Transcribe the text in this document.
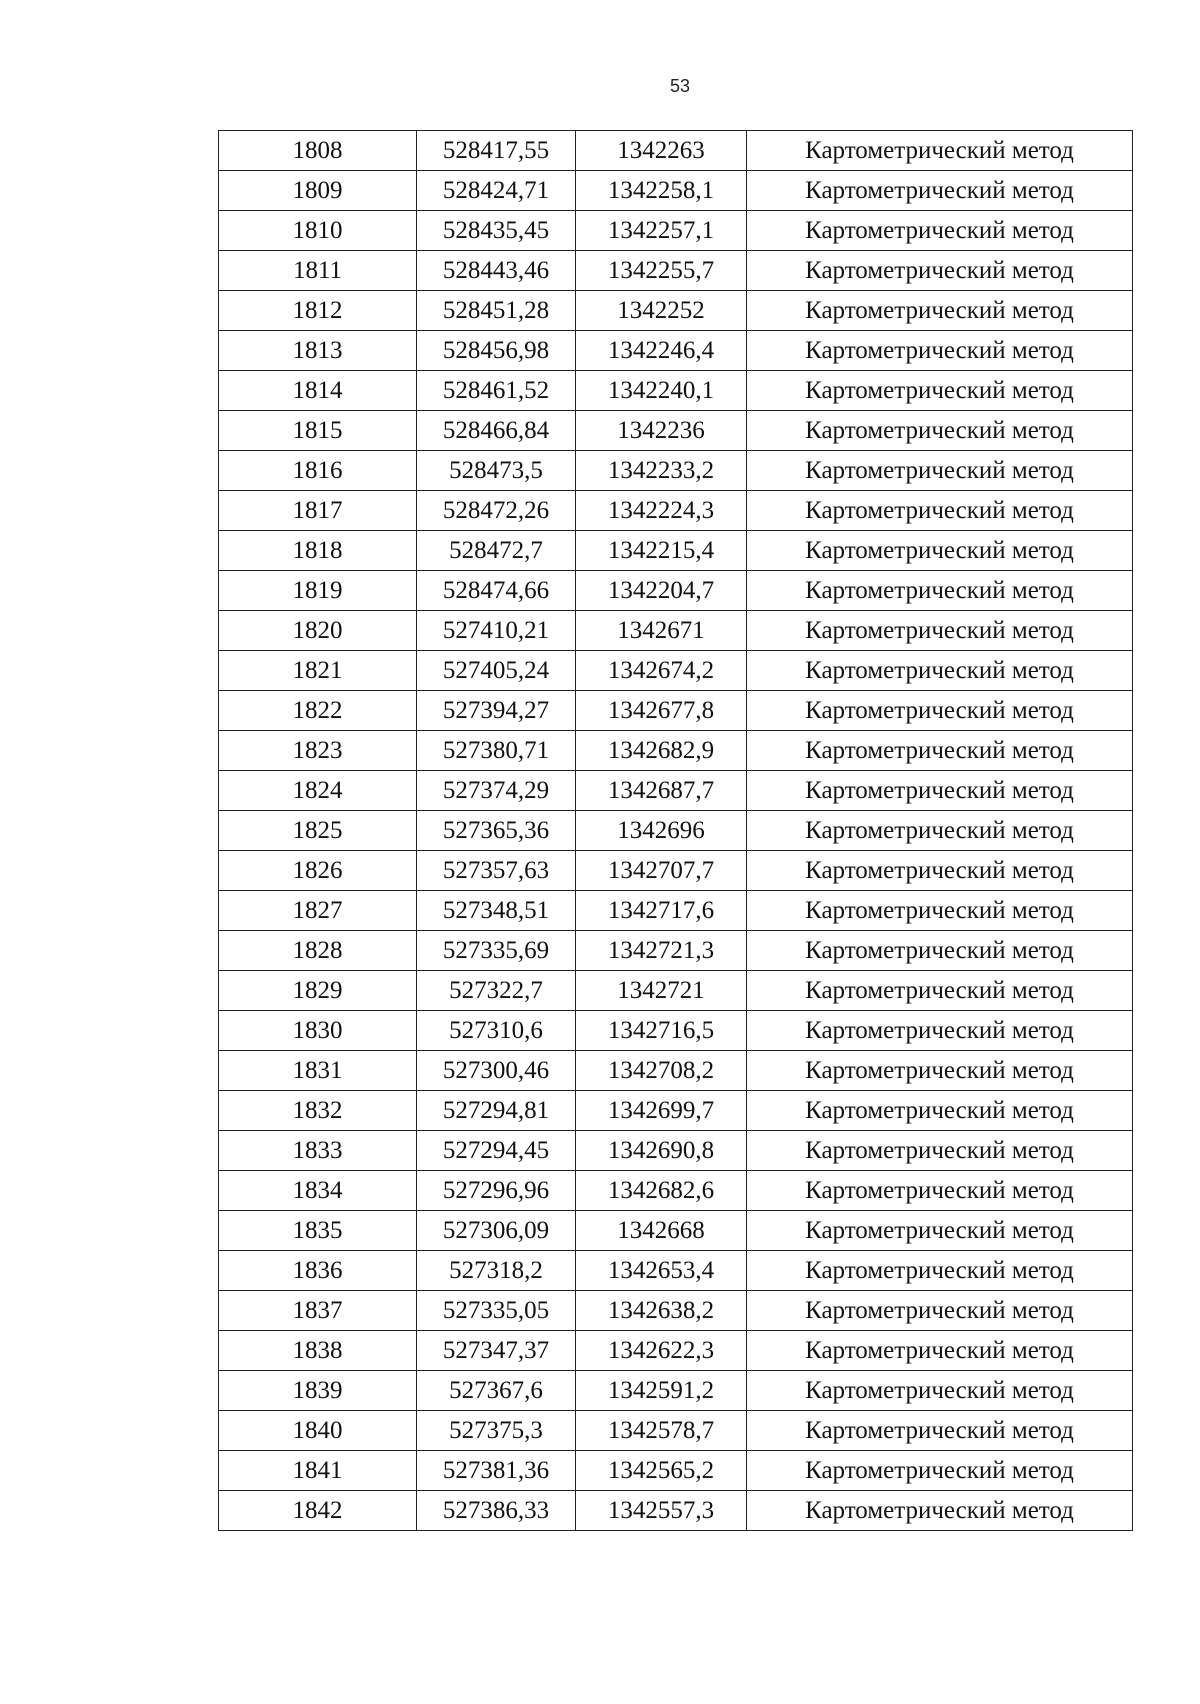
53
1808	528417,55	1342263	Картометрический метод
1809	528424,71	1342258,1	Картометрический метод
1810	528435,45	1342257,1	Картометрический метод
1811	528443,46	1342255,7	Картометрический метод
1812	528451,28	1342252	Картометрический метод
1813	528456,98	1342246,4	Картометрический метод
1814	528461,52	1342240,1	Картометрический метод
1815	528466,84	1342236	Картометрический метод
1816	528473,5	1342233,2	Картометрический метод
1817	528472,26	1342224,3	Картометрический метод
1818	528472,7	1342215,4	Картометрический метод
1819	528474,66	1342204,7	Картометрический метод
1820	527410,21	1342671	Картометрический метод
1821	527405,24	1342674,2	Картометрический метод
1822	527394,27	1342677,8	Картометрический метод
1823	527380,71	1342682,9	Картометрический метод
1824	527374,29	1342687,7	Картометрический метод
1825	527365,36	1342696	Картометрический метод
1826	527357,63	1342707,7	Картометрический метод
1827	527348,51	1342717,6	Картометрический метод
1828	527335,69	1342721,3	Картометрический метод
1829	527322,7	1342721	Картометрический метод
1830	527310,6	1342716,5	Картометрический метод
1831	527300,46	1342708,2	Картометрический метод
1832	527294,81	1342699,7	Картометрический метод
1833	527294,45	1342690,8	Картометрический метод
1834	527296,96	1342682,6	Картометрический метод
1835	527306,09	1342668	Картометрический метод
1836	527318,2	1342653,4	Картометрический метод
1837	527335,05	1342638,2	Картометрический метод
1838	527347,37	1342622,3	Картометрический метод
1839	527367,6	1342591,2	Картометрический метод
1840	527375,3	1342578,7	Картометрический метод
1841	527381,36	1342565,2	Картометрический метод
1842	527386,33	1342557,3	Картометрический метод
